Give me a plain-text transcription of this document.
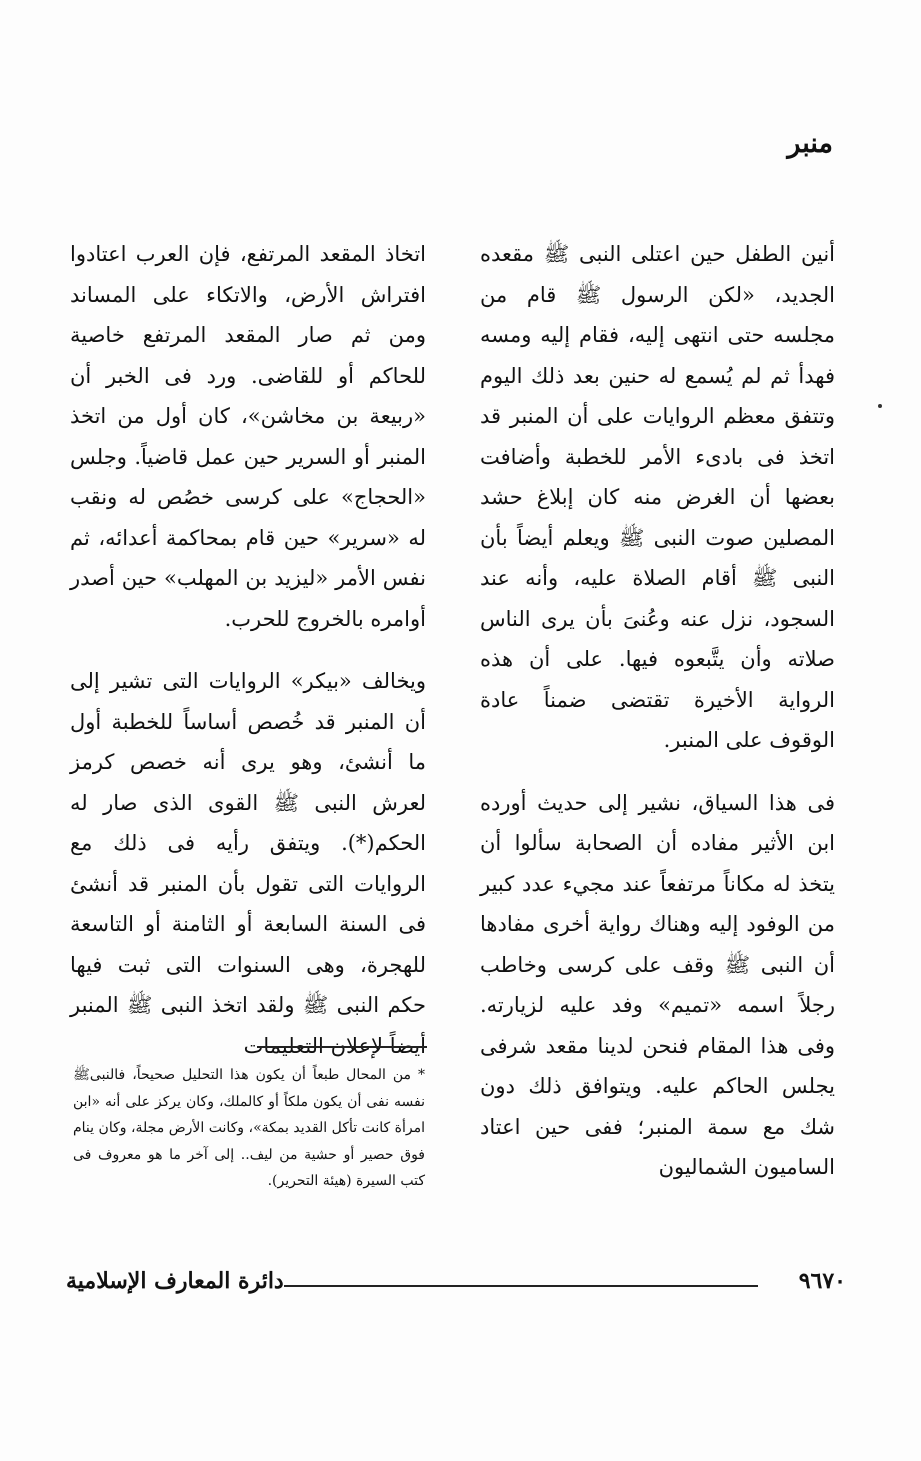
منبر

أنين الطفل حين اعتلى النبى ﷺ مقعده الجديد، «لكن الرسول ﷺ قام من مجلسه حتى انتهى إليه، فقام إليه ومسه فهدأ ثم لم يُسمع له حنين بعد ذلك اليوم وتتفق معظم الروايات على أن المنبر قد اتخذ فى بادىء الأمر للخطبة وأضافت بعضها أن الغرض منه كان إبلاغ حشد المصلين صوت النبى ﷺ ويعلم أيضاً بأن النبى ﷺ أقام الصلاة عليه، وأنه عند السجود، نزل عنه وعُنىَ بأن يرى الناس صلاته وأن يتَّبعوه فيها. على أن هذه الرواية الأخيرة تقتضى ضمناً عادة الوقوف على المنبر.

فى هذا السياق، نشير إلى حديث أورده ابن الأثير مفاده أن الصحابة سألوا أن يتخذ له مكاناً مرتفعاً عند مجيء عدد كبير من الوفود إليه وهناك رواية أخرى مفادها أن النبى ﷺ وقف على كرسى وخاطب رجلاً اسمه «تميم» وفد عليه لزيارته. وفى هذا المقام فنحن لدينا مقعد شرفى يجلس الحاكم عليه. ويتوافق ذلك دون شك مع سمة المنبر؛ ففى حين اعتاد الساميون الشماليون

اتخاذ المقعد المرتفع، فإن العرب اعتادوا افتراش الأرض، والاتكاء على المساند ومن ثم صار المقعد المرتفع خاصية للحاكم أو للقاضى. ورد فى الخبر أن «ربيعة بن مخاشن»، كان أول من اتخذ المنبر أو السرير حين عمل قاضياً. وجلس «الحجاج» على كرسى خصُص له ونقب له «سرير» حين قام بمحاكمة أعدائه، ثم نفس الأمر «ليزيد بن المهلب» حين أصدر أوامره بالخروج للحرب.

ويخالف «بيكر» الروايات التى تشير إلى أن المنبر قد خُصص أساساً للخطبة أول ما أنشئ، وهو يرى أنه خصص كرمز لعرش النبى ﷺ القوى الذى صار له الحكم(*). ويتفق رأيه فى ذلك مع الروايات التى تقول بأن المنبر قد أنشئ فى السنة السابعة أو الثامنة أو التاسعة للهجرة، وهى السنوات التى ثبت فيها حكم النبى ﷺ ولقد اتخذ النبى ﷺ المنبر أيضاً لإعلان التعليمات

* من المحال طبعاً أن يكون هذا التحليل صحيحاً، فالنبىﷺ نفسه نفى أن يكون ملكاً أو كالملك، وكان يركز على أنه «ابن امرأة كانت تأكل القديد بمكة»، وكانت الأرض مجلة، وكان ينام فوق حصير أو حشية من ليف.. إلى آخر ما هو معروف فى كتب السيرة (هيئة التحرير).

دائرة المعارف الإسلامية	٩٦٧٠
